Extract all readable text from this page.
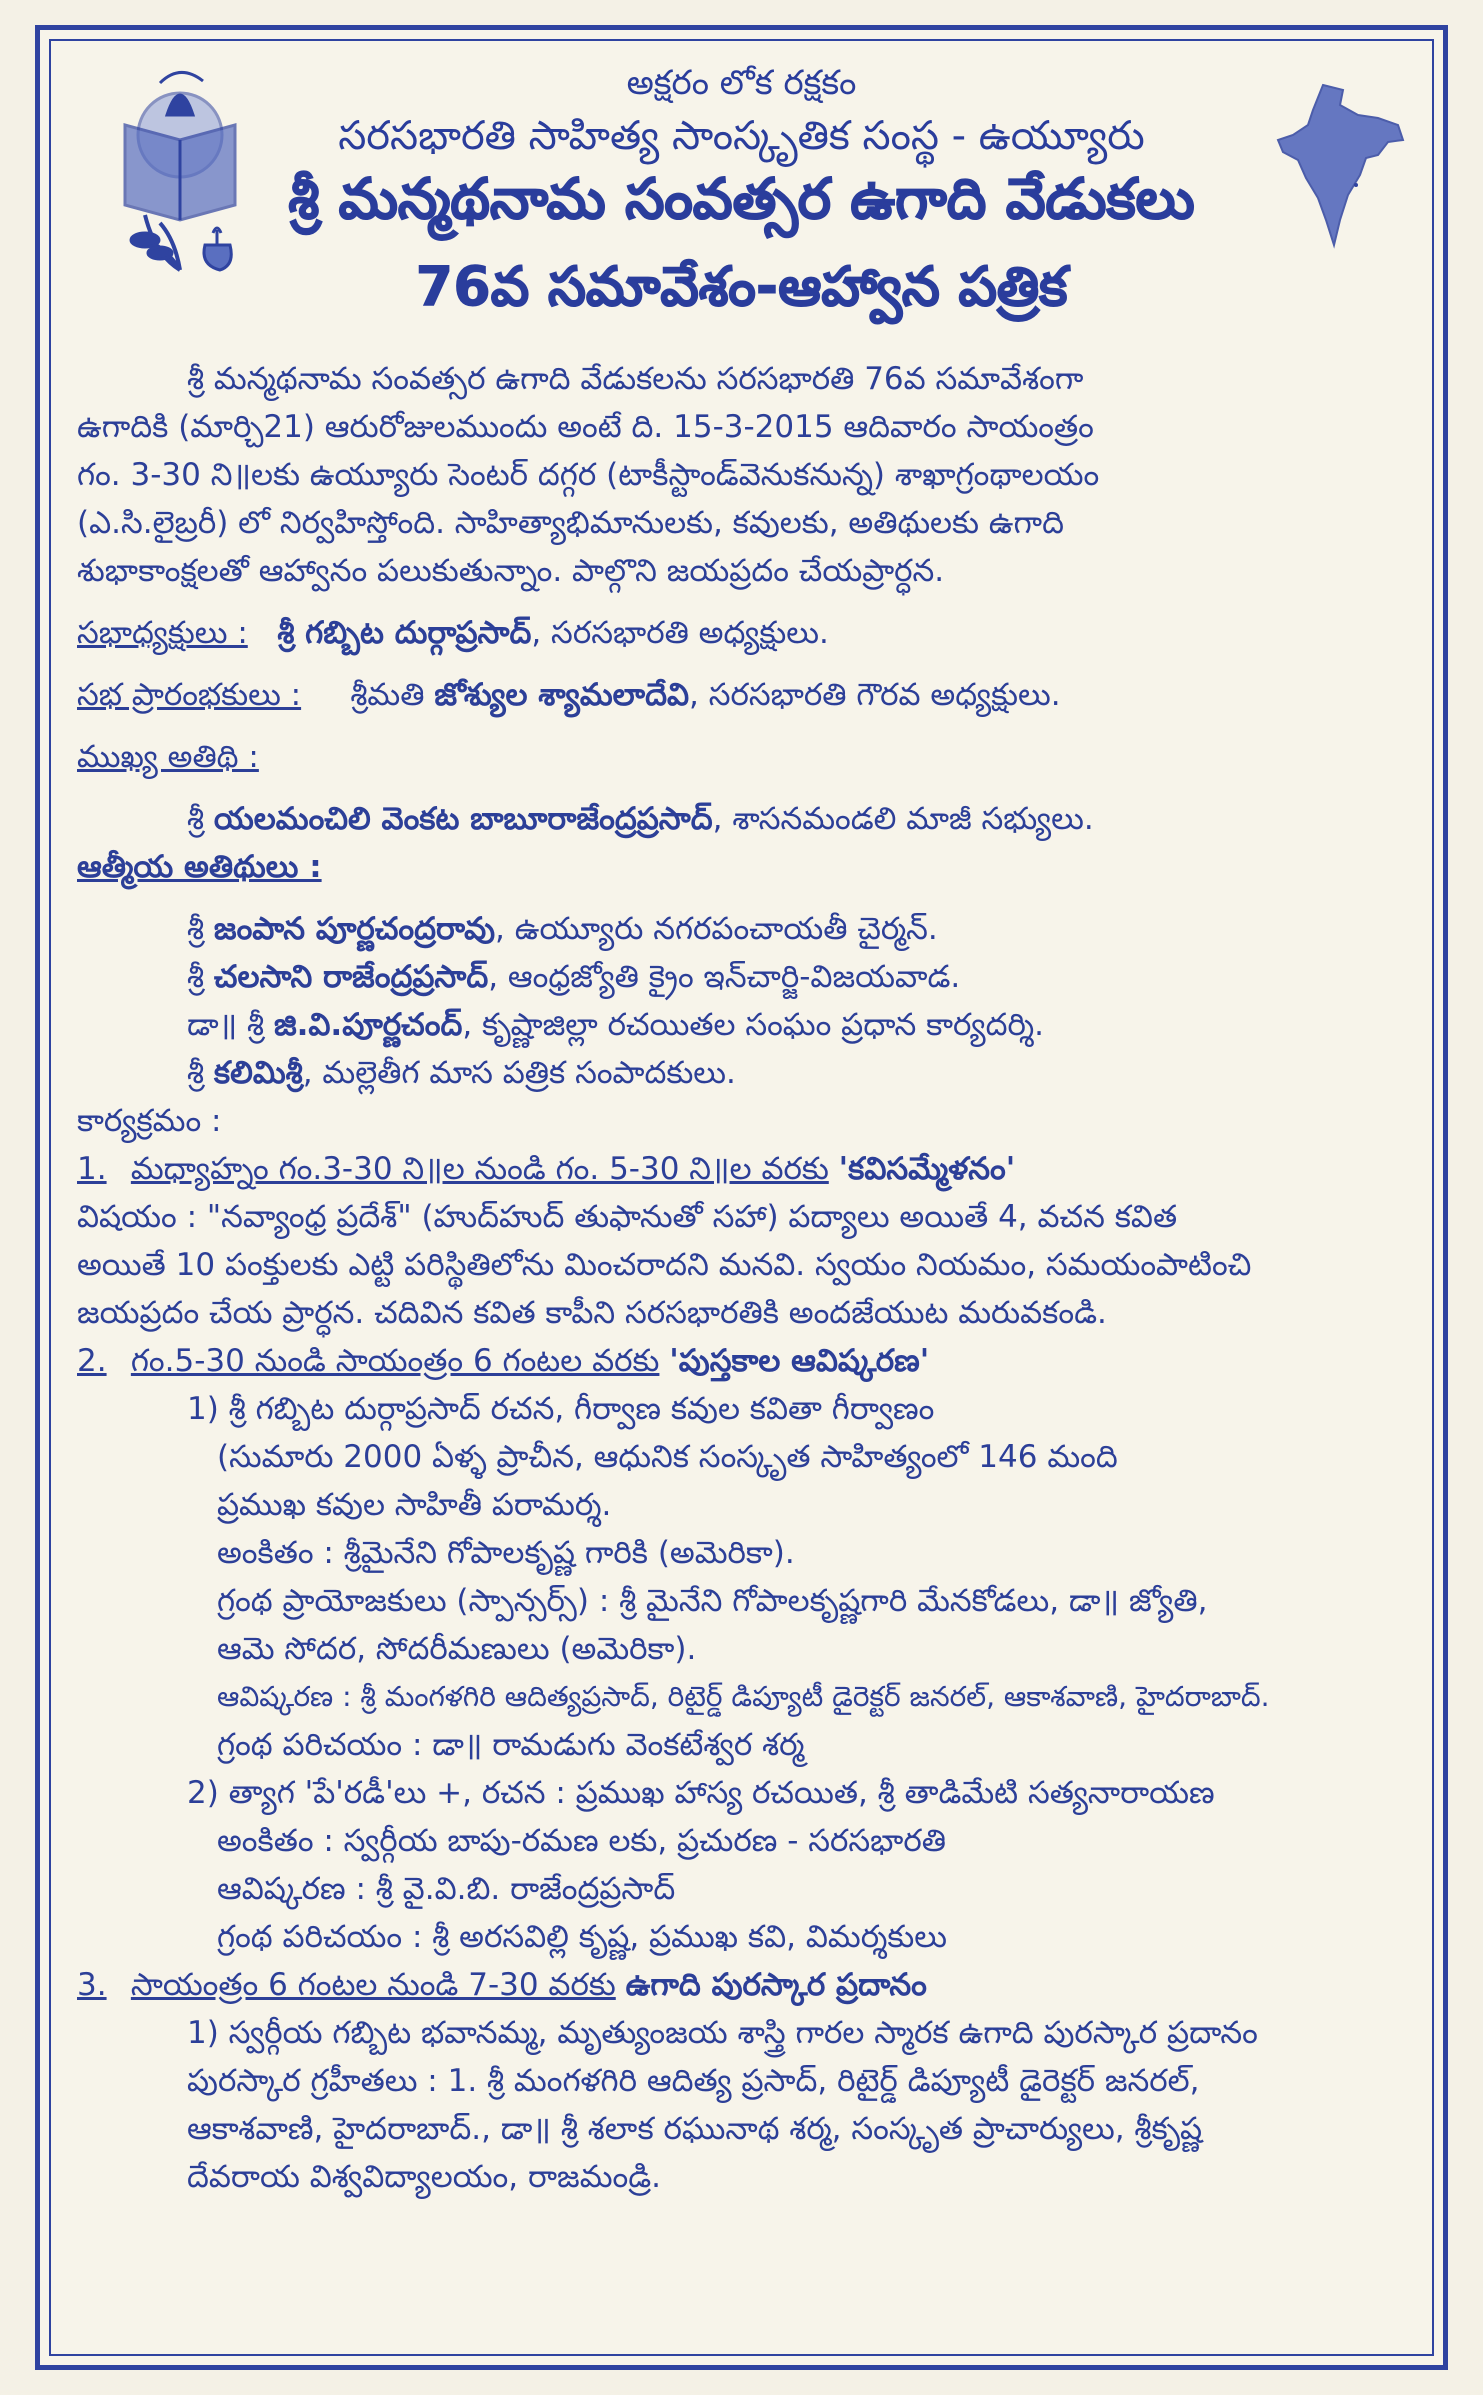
అక్షరం లోక రక్షకం
సరసభారతి సాహిత్య సాంస్కృతిక సంస్థ - ఉయ్యూరు
శ్రీ మన్మథనామ సంవత్సర ఉగాది వేడుకలు
76వ సమావేశం-ఆహ్వాన పత్రిక

శ్రీ మన్మథనామ సంవత్సర ఉగాది వేడుకలను సరసభారతి 76వ సమావేశంగా

ఉగాదికి (మార్చి21) ఆరురోజులముందు అంటే ది. 15-3-2015 ఆదివారం సాయంత్రం

గం. 3-30 ని॥లకు ఉయ్యూరు సెంటర్ దగ్గర (టాకీస్టాండ్‌వెనుకనున్న) శాఖాగ్రంథాలయం

(ఎ.సి.లైబ్రరీ) లో నిర్వహిస్తోంది. సాహిత్యాభిమానులకు, కవులకు, అతిథులకు ఉగాది

శుభాకాంక్షలతో ఆహ్వానం పలుకుతున్నాం. పాల్గొని జయప్రదం చేయప్రార్ధన.

సభాధ్యక్షులు : శ్రీ గబ్బిట దుర్గాప్రసాద్, సరసభారతి అధ్యక్షులు.

సభ ప్రారంభకులు : శ్రీమతి జోశ్యుల శ్యామలాదేవి, సరసభారతి గౌరవ అధ్యక్షులు.

ముఖ్య అతిథి :

శ్రీ యలమంచిలి వెంకట బాబూరాజేంద్రప్రసాద్, శాసనమండలి మాజీ సభ్యులు.

ఆత్మీయ అతిథులు :

శ్రీ జంపాన పూర్ణచంద్రరావు, ఉయ్యూరు నగరపంచాయతీ చైర్మన్.

శ్రీ చలసాని రాజేంద్రప్రసాద్, ఆంధ్రజ్యోతి క్రైం ఇన్‌చార్జి-విజయవాడ.

డా॥ శ్రీ జి.వి.పూర్ణచంద్, కృష్ణాజిల్లా రచయితల సంఘం ప్రధాన కార్యదర్శి.

శ్రీ కలిమిశ్రీ, మల్లెతీగ మాస పత్రిక సంపాదకులు.

కార్యక్రమం :

1. మధ్యాహ్నం గం.3-30 ని॥ల నుండి గం. 5-30 ని॥ల వరకు 'కవిసమ్మేళనం'

విషయం : "నవ్యాంధ్ర ప్రదేశ్" (హుద్‌హుద్ తుఫానుతో సహా) పద్యాలు అయితే 4, వచన కవిత

అయితే 10 పంక్తులకు ఎట్టి పరిస్థితిలోను మించరాదని మనవి. స్వయం నియమం, సమయంపాటించి

జయప్రదం చేయ ప్రార్ధన. చదివిన కవిత కాపీని సరసభారతికి అందజేయుట మరువకండి.

2. గం.5-30 నుండి సాయంత్రం 6 గంటల వరకు 'పుస్తకాల ఆవిష్కరణ'

1) శ్రీ గబ్బిట దుర్గాప్రసాద్ రచన, గీర్వాణ కవుల కవితా గీర్వాణం

(సుమారు 2000 ఏళ్ళ ప్రాచీన, ఆధునిక సంస్కృత సాహిత్యంలో 146 మంది

ప్రముఖ కవుల సాహితీ పరామర్శ.

అంకితం : శ్రీమైనేని గోపాలకృష్ణ గారికి (అమెరికా).

గ్రంథ ప్రాయోజకులు (స్పాన్సర్స్) : శ్రీ మైనేని గోపాలకృష్ణగారి మేనకోడలు, డా॥ జ్యోతి,

ఆమె సోదర, సోదరీమణులు (అమెరికా).

ఆవిష్కరణ : శ్రీ మంగళగిరి ఆదిత్యప్రసాద్, రిటైర్డ్ డిప్యూటీ డైరెక్టర్ జనరల్, ఆకాశవాణి, హైదరాబాద్.

గ్రంథ పరిచయం : డా॥ రామడుగు వెంకటేశ్వర శర్మ

2) త్యాగ 'పే'రడీ'లు +, రచన : ప్రముఖ హాస్య రచయిత, శ్రీ తాడిమేటి సత్యనారాయణ

అంకితం : స్వర్గీయ బాపు-రమణ లకు, ప్రచురణ - సరసభారతి

ఆవిష్కరణ : శ్రీ వై.వి.బి. రాజేంద్రప్రసాద్

గ్రంథ పరిచయం : శ్రీ అరసవిల్లి కృష్ణ, ప్రముఖ కవి, విమర్శకులు

3. సాయంత్రం 6 గంటల నుండి 7-30 వరకు ఉగాది పురస్కార ప్రదానం

1) స్వర్గీయ గబ్బిట భవానమ్మ, మృత్యుంజయ శాస్త్రి గారల స్మారక ఉగాది పురస్కార ప్రదానం

పురస్కార గ్రహీతలు : 1. శ్రీ మంగళగిరి ఆదిత్య ప్రసాద్, రిటైర్డ్ డిప్యూటీ డైరెక్టర్ జనరల్,

ఆకాశవాణి, హైదరాబాద్., డా॥ శ్రీ శలాక రఘునాథ శర్మ, సంస్కృత ప్రాచార్యులు, శ్రీకృష్ణ

దేవరాయ విశ్వవిద్యాలయం, రాజమండ్రి.
